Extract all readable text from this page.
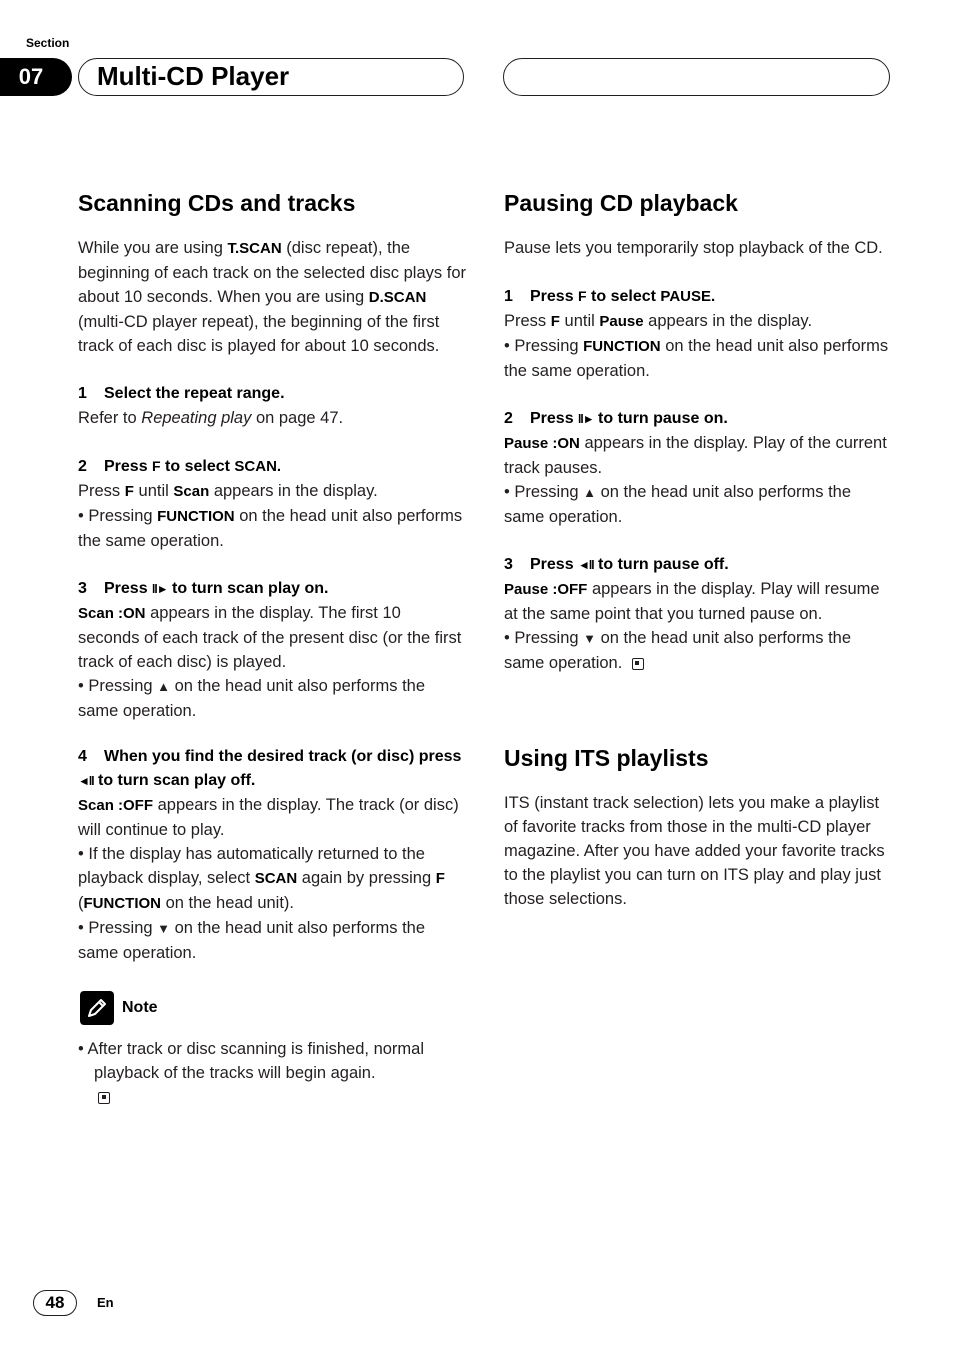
Section
07	Multi-CD Player
Scanning CDs and tracks

While you are using T.SCAN (disc repeat), the beginning of each track on the selected disc plays for about 10 seconds. When you are using D.SCAN (multi-CD player repeat), the beginning of the first track of each disc is played for about 10 seconds.

1 Select the repeat range.

Refer to Repeating play on page 47.

2 Press F to select SCAN.

Press F until Scan appears in the display.

• Pressing FUNCTION on the head unit also performs the same operation.

3 Press ll► to turn scan play on.

Scan :ON appears in the display. The first 10 seconds of each track of the present disc (or the first track of each disc) is played.

• Pressing ▲ on the head unit also performs the same operation.

4 When you find the desired track (or disc) press ◄ll to turn scan play off.

Scan :OFF appears in the display. The track (or disc) will continue to play.

• If the display has automatically returned to the playback display, select SCAN again by pressing F (FUNCTION on the head unit).

• Pressing ▼ on the head unit also performs the same operation.

Note

• After track or disc scanning is finished, normal playback of the tracks will begin again.

Pausing CD playback

Pause lets you temporarily stop playback of the CD.

1 Press F to select PAUSE.

Press F until Pause appears in the display.

• Pressing FUNCTION on the head unit also performs the same operation.

2 Press ll► to turn pause on.

Pause :ON appears in the display. Play of the current track pauses.

• Pressing ▲ on the head unit also performs the same operation.

3 Press ◄ll to turn pause off.

Pause :OFF appears in the display. Play will resume at the same point that you turned pause on.

• Pressing ▼ on the head unit also performs the same operation.

Using ITS playlists

ITS (instant track selection) lets you make a playlist of favorite tracks from those in the multi-CD player magazine. After you have added your favorite tracks to the playlist you can turn on ITS play and play just those selections.

48	En
